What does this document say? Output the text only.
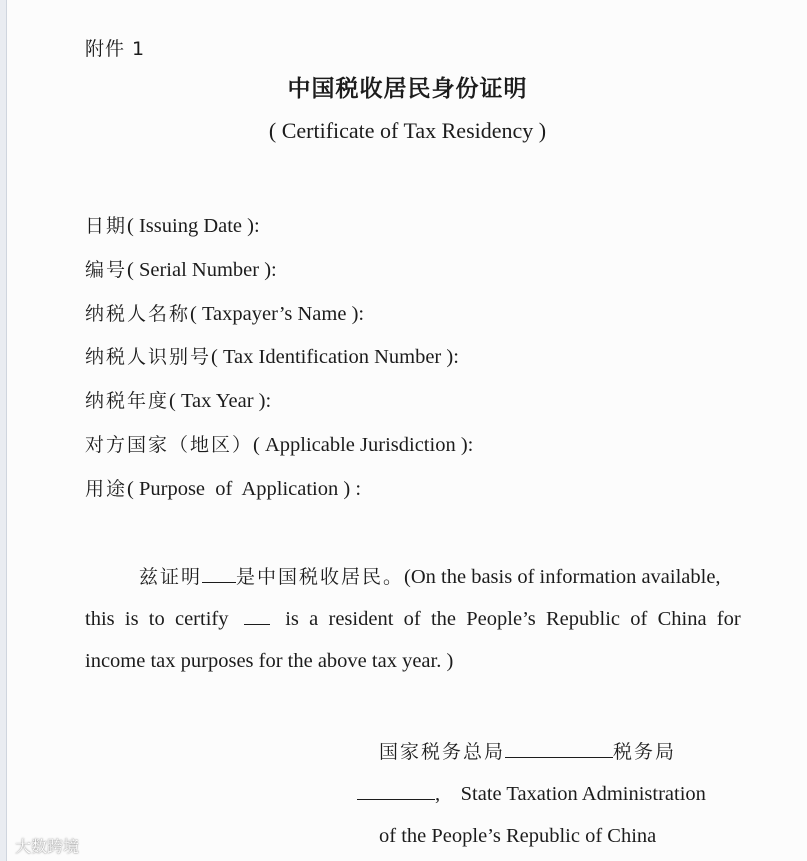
附件 1
中国税收居民身份证明
( Certificate of Tax Residency )
日期( Issuing Date ):
编号( Serial Number ):
纳税人名称( Taxpayer’s Name ):
纳税人识别号( Tax Identification Number ):
纳税年度( Tax Year ):
对方国家（地区）( Applicable Jurisdiction ):
用途( Purpose  of  Application ) :
兹证明 是中国税收居民。(On the basis of information available,
this  is  to  certify	is  a  resident  of  the  People’s  Republic  of  China  for
income tax purposes for the above tax year. )
国家税务总局	税务局
,    State Taxation Administration
of the People’s Republic of China
大数跨境
